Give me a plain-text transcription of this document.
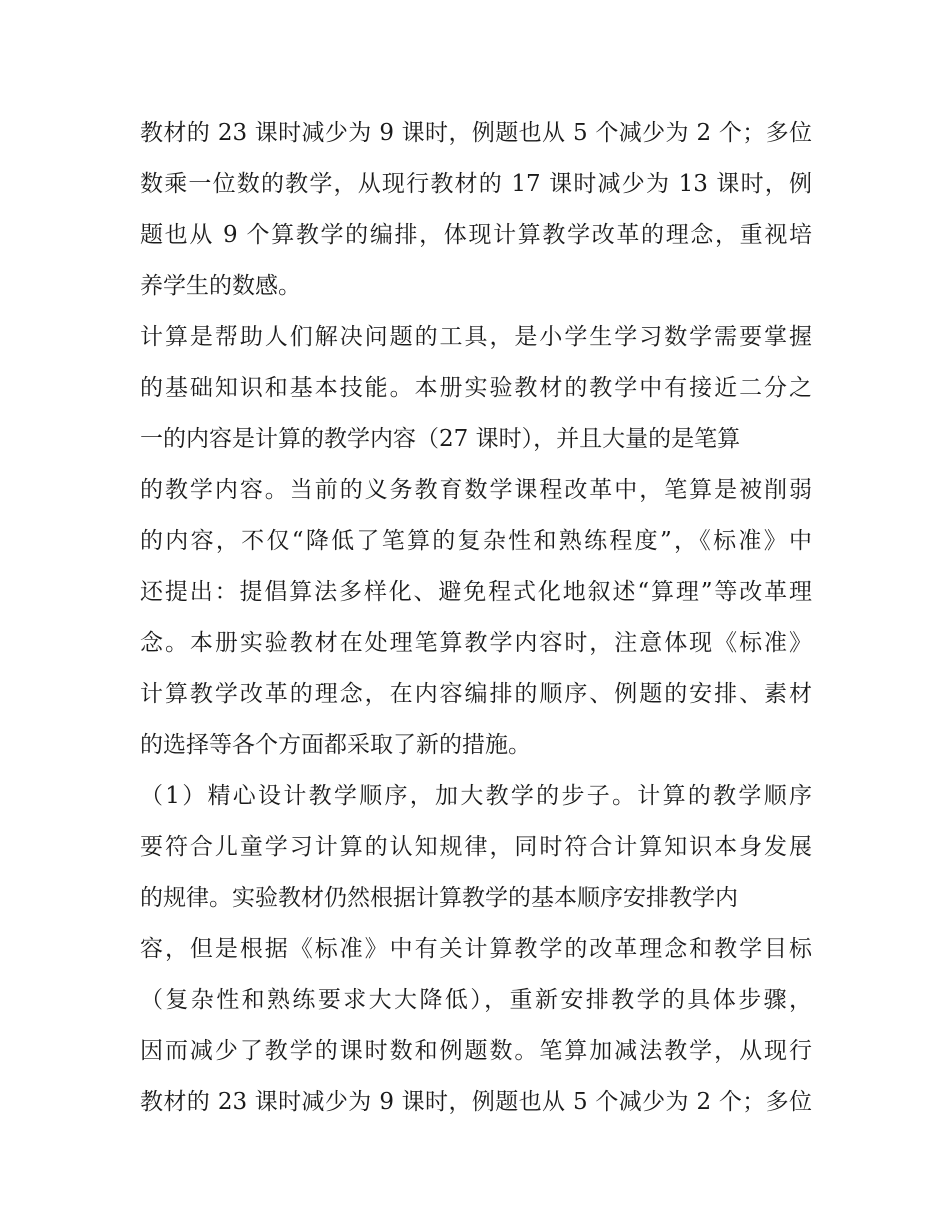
教材的 23 课时减少为 9 课时，例题也从 5 个减少为 2 个；多位
数乘一位数的教学，从现行教材的 17 课时减少为 13 课时，例
题也从 9 个算教学的编排，体现计算教学改革的理念，重视培
养学生的数感。
计算是帮助人们解决问题的工具，是小学生学习数学需要掌握
的基础知识和基本技能。本册实验教材的教学中有接近二分之
一的内容是计算的教学内容（27 课时），并且大量的是笔算
的教学内容。当前的义务教育数学课程改革中，笔算是被削弱
的内容，不仅“降低了笔算的复杂性和熟练程度”，《标准》中
还提出：提倡算法多样化、避免程式化地叙述“算理”等改革理
念。本册实验教材在处理笔算教学内容时，注意体现《标准》
计算教学改革的理念，在内容编排的顺序、例题的安排、素材
的选择等各个方面都采取了新的措施。
（1）精心设计教学顺序，加大教学的步子。计算的教学顺序
要符合儿童学习计算的认知规律，同时符合计算知识本身发展
的规律。实验教材仍然根据计算教学的基本顺序安排教学内
容，但是根据《标准》中有关计算教学的改革理念和教学目标
（复杂性和熟练要求大大降低），重新安排教学的具体步骤，
因而减少了教学的课时数和例题数。笔算加减法教学，从现行
教材的 23 课时减少为 9 课时，例题也从 5 个减少为 2 个；多位
